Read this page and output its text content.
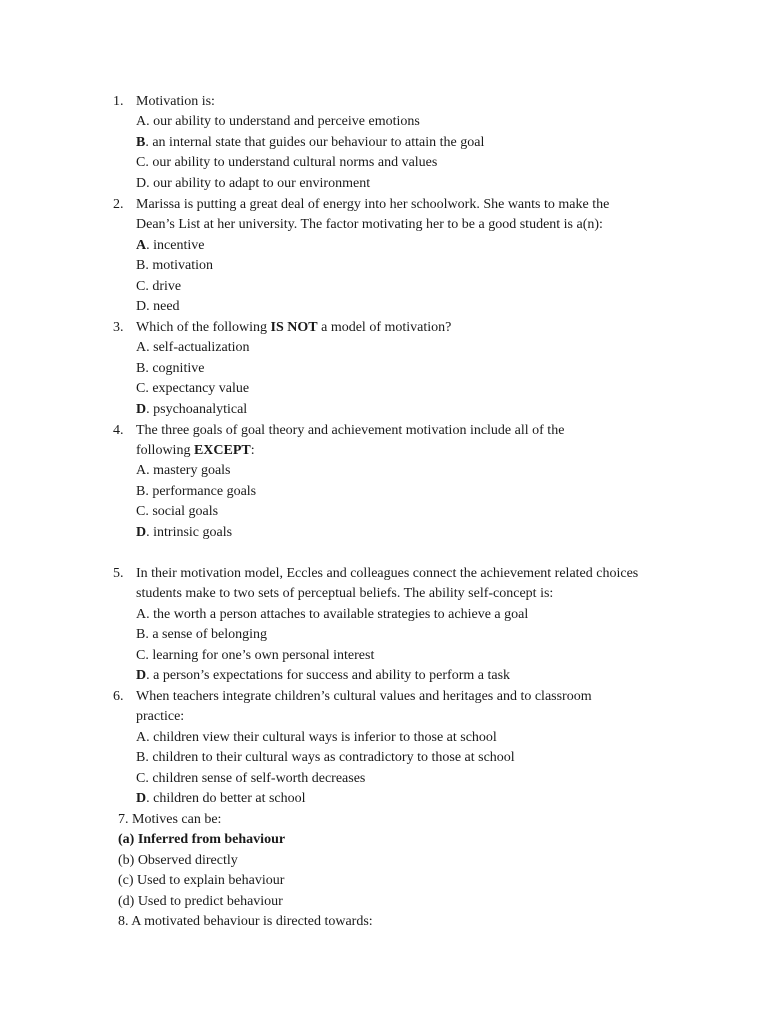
1. Motivation is:
A. our ability to understand and perceive emotions
B. an internal state that guides our behaviour to attain the goal
C. our ability to understand cultural norms and values
D. our ability to adapt to our environment
2. Marissa is putting a great deal of energy into her schoolwork. She wants to make the
Dean’s List at her university. The factor motivating her to be a good student is a(n):
A. incentive
B. motivation
C. drive
D. need
3. Which of the following IS NOT a model of motivation?
A. self-actualization
B. cognitive
C. expectancy value
D. psychoanalytical
4. The three goals of goal theory and achievement motivation include all of the
following EXCEPT:
A. mastery goals
B. performance goals
C. social goals
D. intrinsic goals
5. In their motivation model, Eccles and colleagues connect the achievement related choices
students make to two sets of perceptual beliefs. The ability self-concept is:
A. the worth a person attaches to available strategies to achieve a goal
B. a sense of belonging
C. learning for one’s own personal interest
D. a person’s expectations for success and ability to perform a task
6. When teachers integrate children’s cultural values and heritages and to classroom
practice:
A. children view their cultural ways is inferior to those at school
B. children to their cultural ways as contradictory to those at school
C. children sense of self-worth decreases
D. children do better at school
7. Motives can be:
(a) Inferred from behaviour
(b) Observed directly
(c) Used to explain behaviour
(d) Used to predict behaviour
8. A motivated behaviour is directed towards:
